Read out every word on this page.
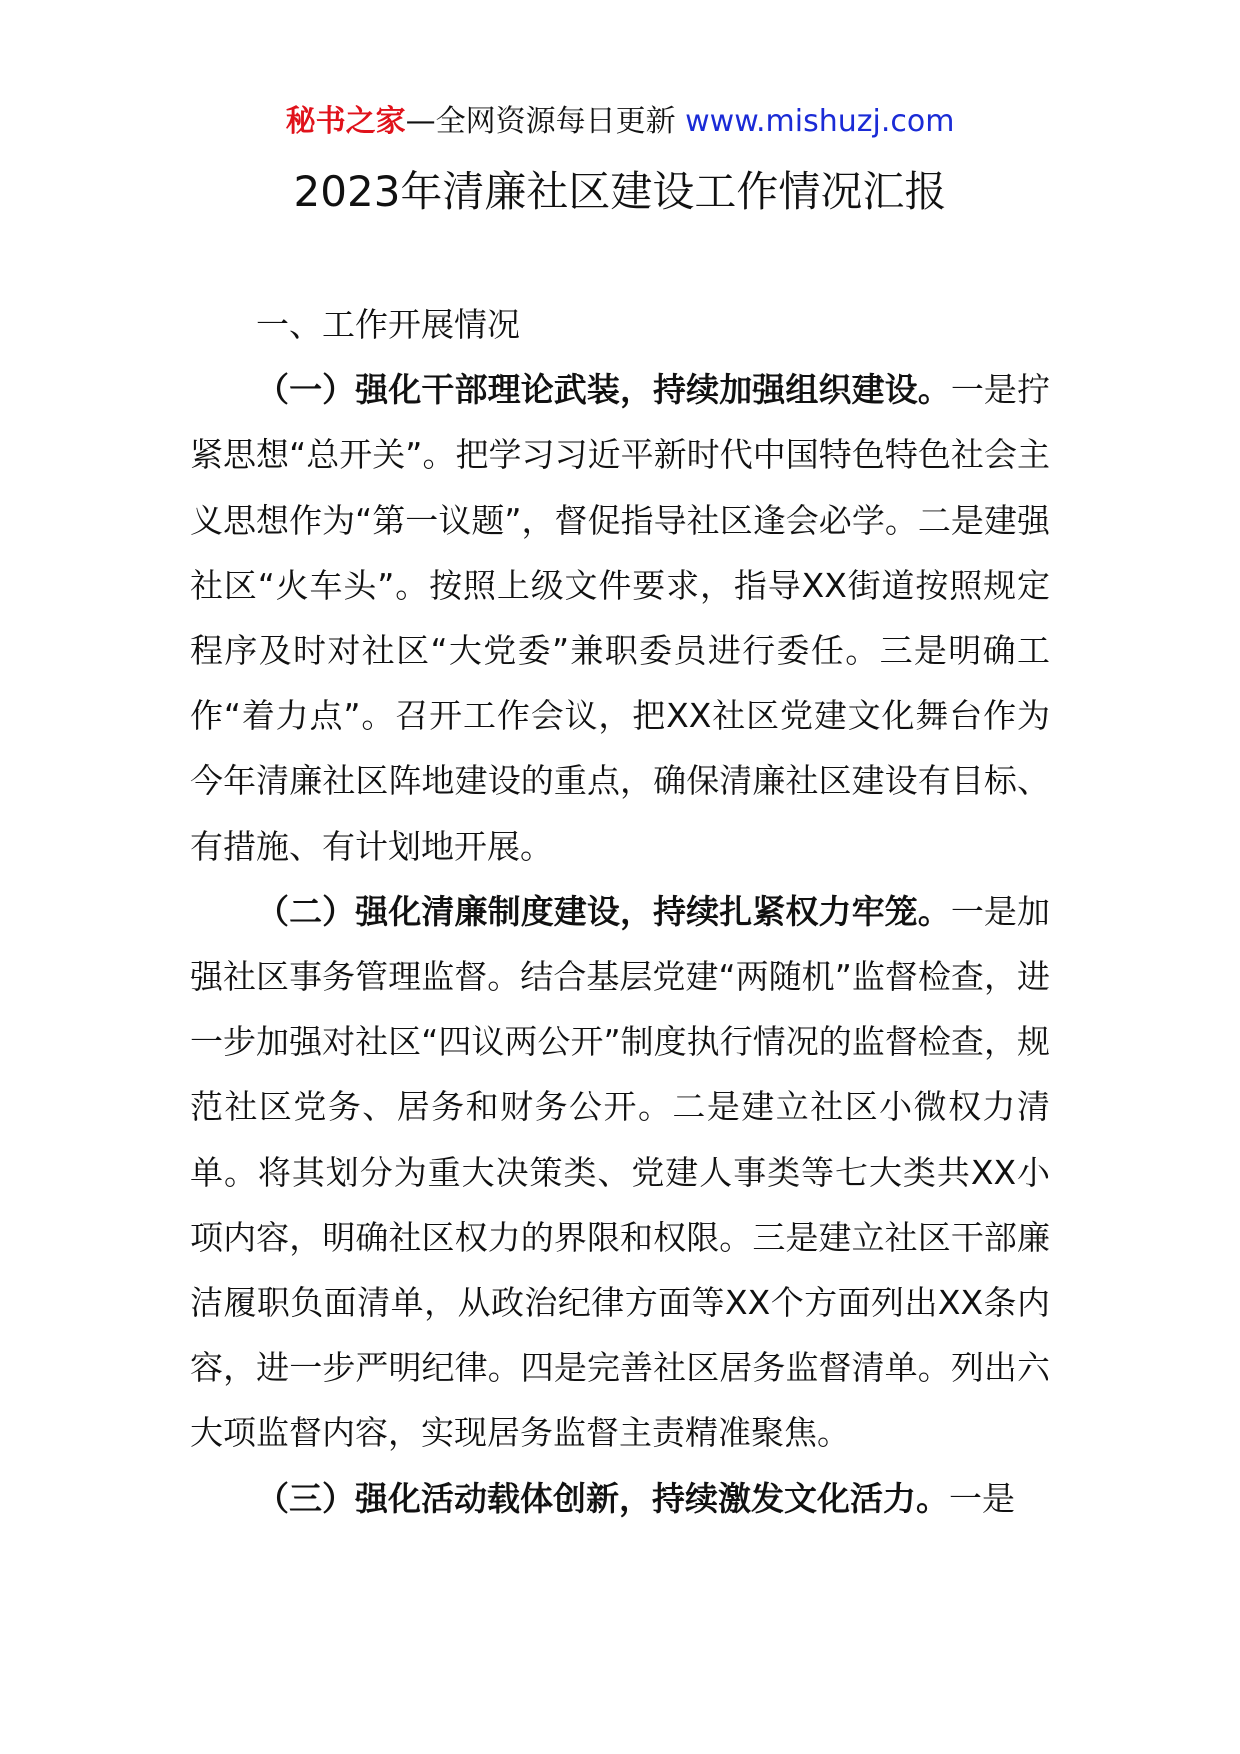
秘书之家—全网资源每日更新 www.mishuzj.com
2023年清廉社区建设工作情况汇报

一、工作开展情况

（一）强化干部理论武装，持续加强组织建设。一是拧紧思想“总开关”。把学习习近平新时代中国特色特色社会主义思想作为“第一议题”，督促指导社区逢会必学。二是建强社区“火车头”。按照上级文件要求，指导XX街道按照规定程序及时对社区“大党委”兼职委员进行委任。三是明确工作“着力点”。召开工作会议，把XX社区党建文化舞台作为今年清廉社区阵地建设的重点，确保清廉社区建设有目标、有措施、有计划地开展。

（二）强化清廉制度建设，持续扎紧权力牢笼。一是加强社区事务管理监督。结合基层党建“两随机”监督检查，进一步加强对社区“四议两公开”制度执行情况的监督检查，规范社区党务、居务和财务公开。二是建立社区小微权力清单。将其划分为重大决策类、党建人事类等七大类共XX小项内容，明确社区权力的界限和权限。三是建立社区干部廉洁履职负面清单，从政治纪律方面等XX个方面列出XX条内容，进一步严明纪律。四是完善社区居务监督清单。列出六大项监督内容，实现居务监督主责精准聚焦。

（三）强化活动载体创新，持续激发文化活力。一是
